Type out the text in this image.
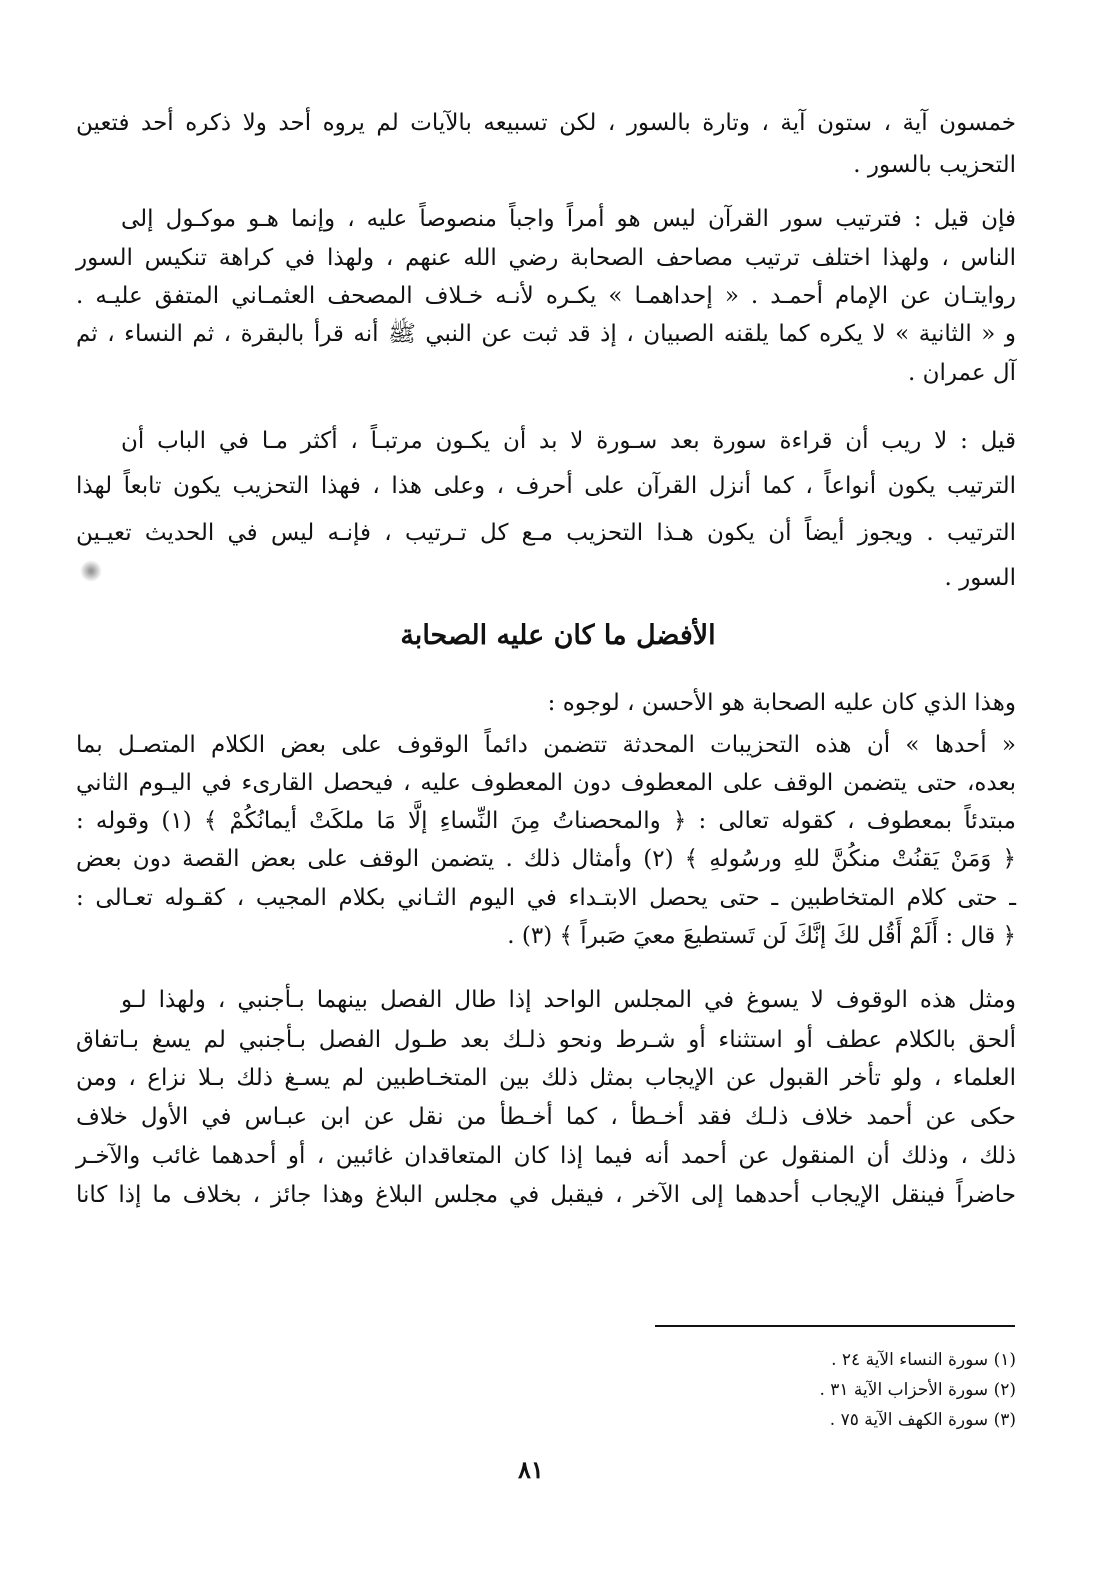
خمسون آية ، ستون آية ، وتارة بالسور ، لكن تسبيعه بالآيات لم يروه أحد ولا ذكره أحد فتعين
التحزيب بالسور .
فإن قيل : فترتيب سور القرآن ليس هو أمراً واجباً منصوصاً عليه ، وإنما هـو موكـول إلى
الناس ، ولهذا اختلف ترتيب مصاحف الصحابة رضي الله عنهم ، ولهذا في كراهة تنكيس السور
روايتـان عن الإمام أحمـد . « إحداهمـا » يكـره لأنـه خـلاف المصحف العثمـاني المتفق عليـه .
و « الثانية » لا يكره كما يلقنه الصبيان ، إذ قد ثبت عن النبي ﷺ أنه قرأ بالبقرة ، ثم النساء ، ثم
آل عمران .
قيل : لا ريب أن قراءة سورة بعد سـورة لا بد أن يكـون مرتبـاً ، أكثر مـا في الباب أن
الترتيب يكون أنواعاً ، كما أنزل القرآن على أحرف ، وعلى هذا ، فهذا التحزيب يكون تابعاً لهذا
الترتيب . ويجوز أيضاً أن يكون هـذا التحزيب مـع كل تـرتيب ، فإنـه ليس في الحديث تعيـين
السور .
وهذا الذي كان عليه الصحابة هو الأحسن ، لوجوه :
« أحدها » أن هذه التحزيبات المحدثة تتضمن دائماً الوقوف على بعض الكلام المتصـل بما
بعده، حتى يتضمن الوقف على المعطوف دون المعطوف عليه ، فيحصل القارىء في اليـوم الثاني
مبتدئاً بمعطوف ، كقوله تعالى : ﴿ والمحصناتُ مِنَ النِّساءِ إلَّا مَا ملكَتْ أيمانُكُمْ ﴾ (١) وقوله :
﴿ وَمَنْ يَقنُتْ منكُنَّ للهِ ورسُولهِ ﴾ (٢) وأمثال ذلك . يتضمن الوقف على بعض القصة دون بعض
ـ حتى كلام المتخاطبين ـ حتى يحصل الابتـداء في اليوم الثـاني بكلام المجيب ، كقـوله تعـالى :
﴿ قال : أَلَمْ أَقُل لكَ إنَّكَ لَن تَستطيعَ معيَ صَبراً ﴾ (٣) .
ومثل هذه الوقوف لا يسوغ في المجلس الواحد إذا طال الفصل بينهما بـأجنبي ، ولهذا لـو
ألحق بالكلام عطف أو استثناء أو شـرط ونحو ذلـك بعد طـول الفصل بـأجنبي لم يسغ بـاتفاق
العلماء ، ولو تأخر القبول عن الإيجاب بمثل ذلك بين المتخـاطبين لم يسـغ ذلك بـلا نزاع ، ومن
حكى عن أحمد خلاف ذلـك فقد أخـطأ ، كما أخـطأ من نقل عن ابن عبـاس في الأول خلاف
ذلك ، وذلك أن المنقول عن أحمد أنه فيما إذا كان المتعاقدان غائبين ، أو أحدهما غائب والآخـر
حاضراً فينقل الإيجاب أحدهما إلى الآخر ، فيقبل في مجلس البلاغ وهذا جائز ، بخلاف ما إذا كانا
الأفضل ما كان عليه الصحابة
(١) سورة النساء الآية ٢٤ .
(٢) سورة الأحزاب الآية ٣١ .
(٣) سورة الكهف الآية ٧٥ .
٨١
